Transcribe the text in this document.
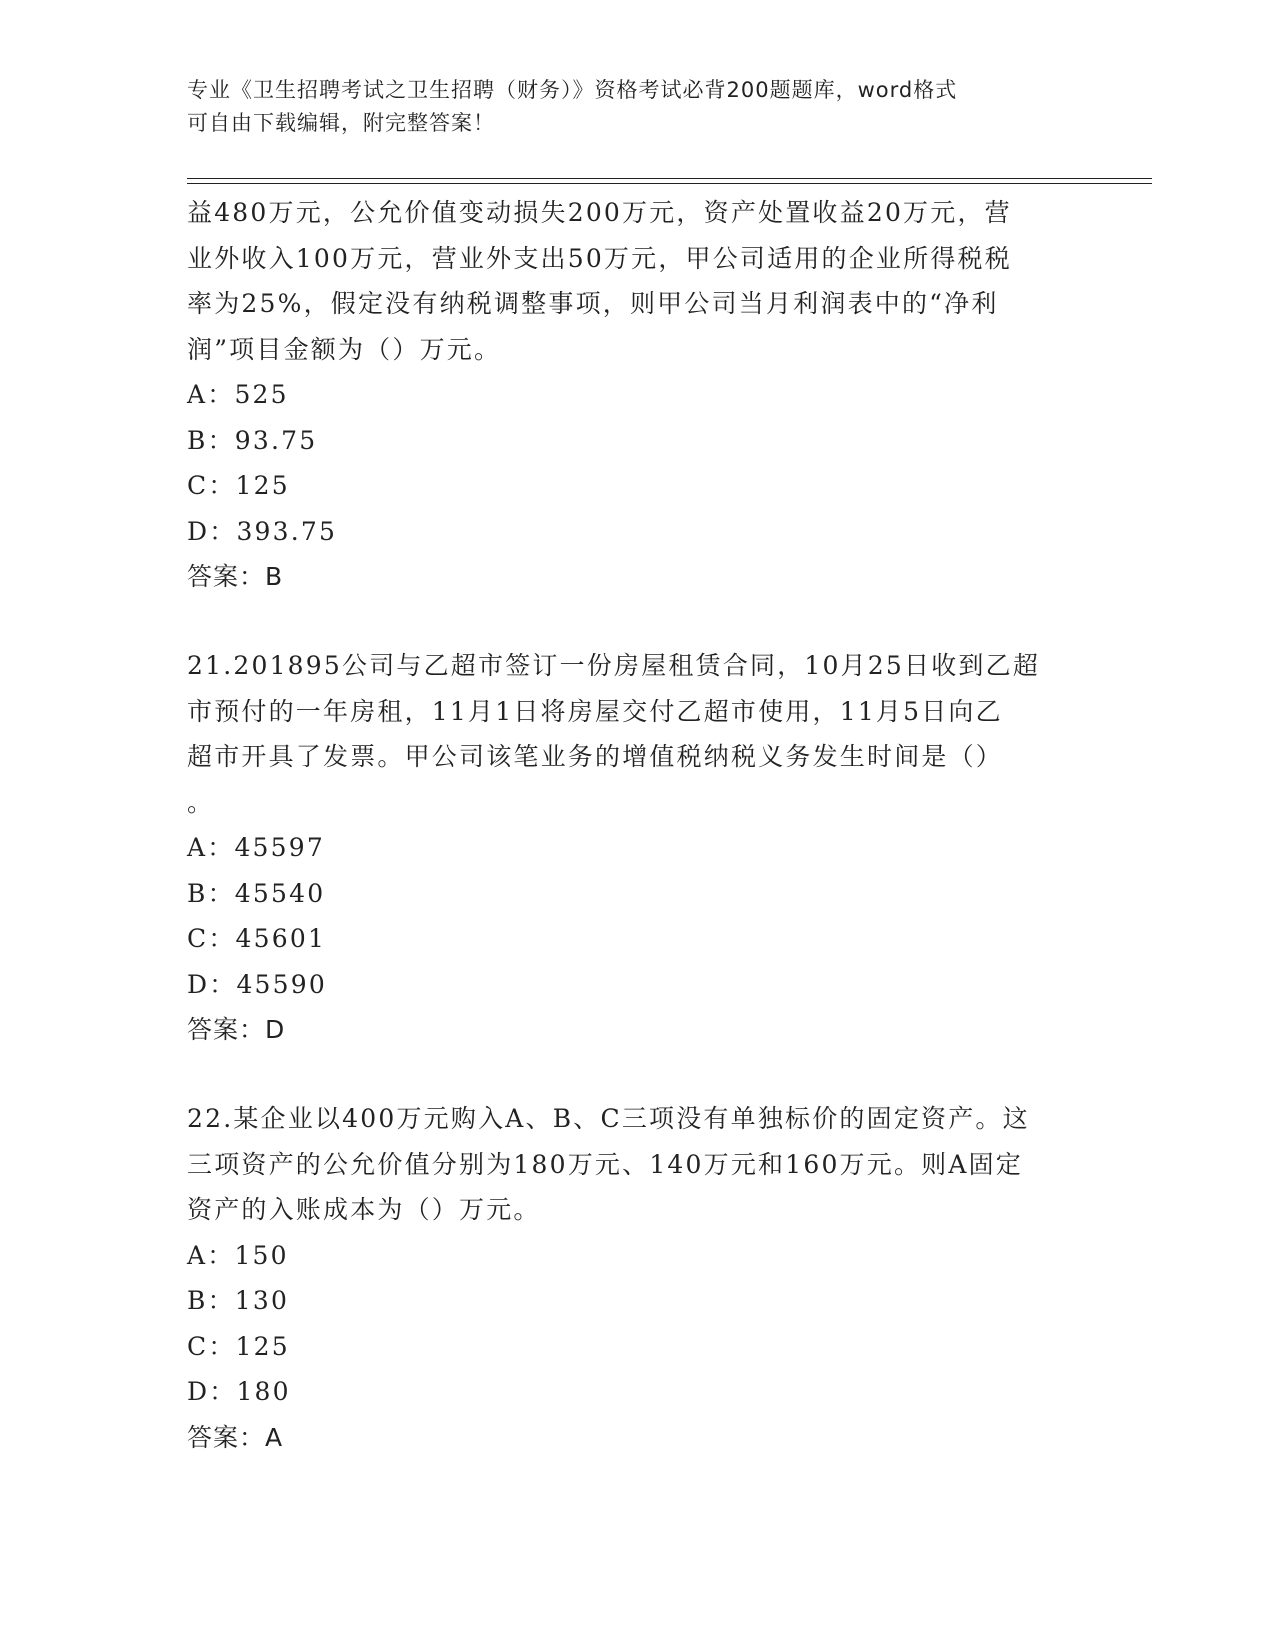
专业《卫生招聘考试之卫生招聘（财务）》资格考试必背200题题库，word格式
可自由下载编辑，附完整答案！
益480万元，公允价值变动损失200万元，资产处置收益20万元，营
业外收入100万元，营业外支出50万元，甲公司适用的企业所得税税
率为25%，假定没有纳税调整事项，则甲公司当月利润表中的“净利
润”项目金额为（）万元。
A：525
B：93.75
C：125
D：393.75
答案：B
21.201895公司与乙超市签订一份房屋租赁合同，10月25日收到乙超
市预付的一年房租，11月1日将房屋交付乙超市使用，11月5日向乙
超市开具了发票。甲公司该笔业务的增值税纳税义务发生时间是（）
。
A：45597
B：45540
C：45601
D：45590
答案：D
22.某企业以400万元购入A、B、C三项没有单独标价的固定资产。这
三项资产的公允价值分别为180万元、140万元和160万元。则A固定
资产的入账成本为（）万元。
A：150
B：130
C：125
D：180
答案：A
